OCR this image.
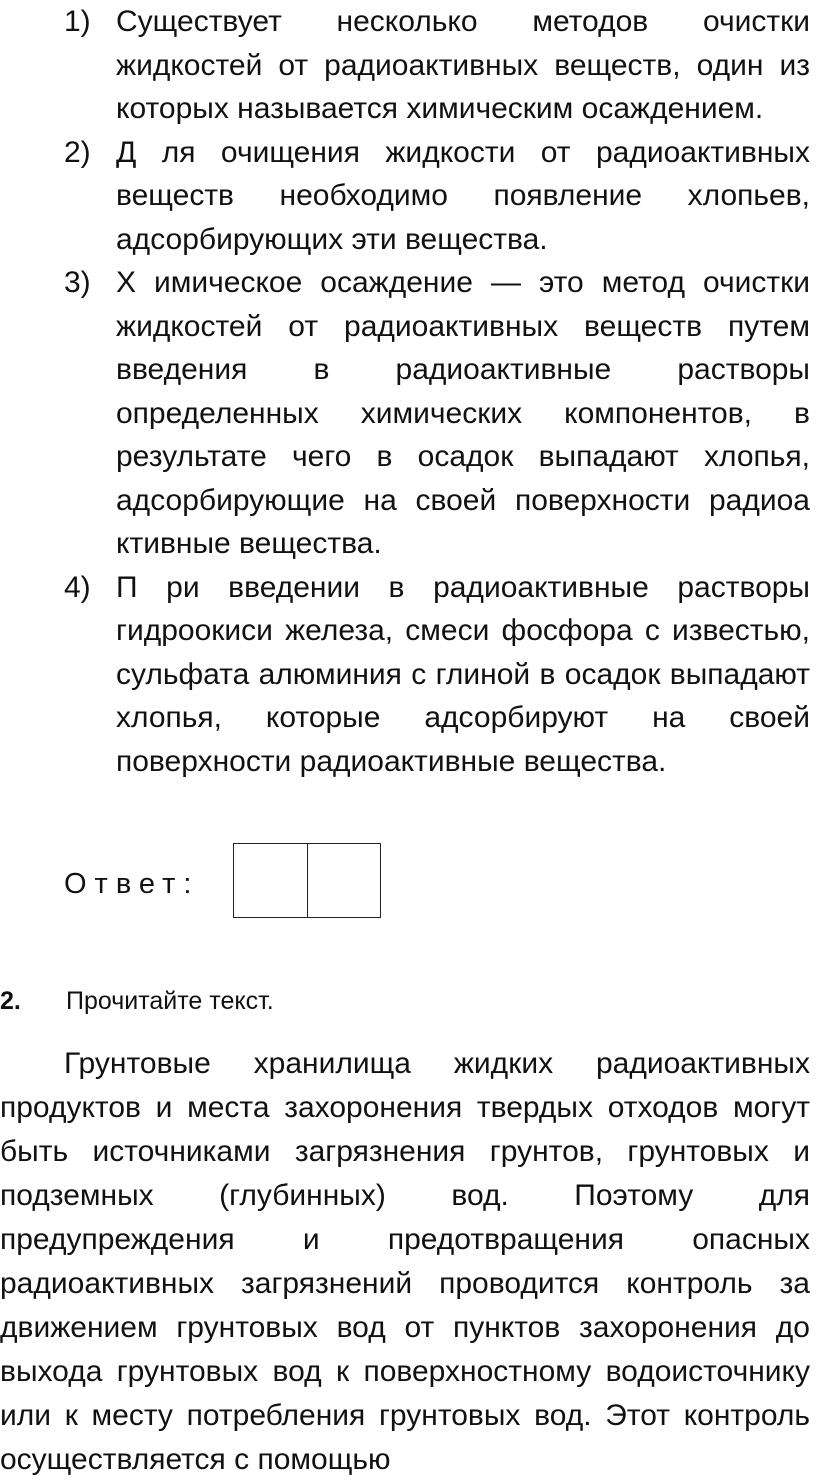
1) Существует несколько методов очистки жидкостей от радиоактивных веществ, один из которых называется химическим осаждением.
2) Д ля очищения жидкости от радиоактивных веществ необходимо появление хлопьев, адсорбирующих эти вещества.
3) Х имическое осаждение — это метод очистки жидкостей от радиоактивных веществ путем введения в радиоактивные растворы определенных химических компонентов, в результате чего в осадок выпадают хлопья, адсорбирующие на своей поверхности радиоа ктивные вещества.
4) П ри введении в радиоактивные растворы гидроокиси железа, смеси фосфора с известью, сульфата алюминия с глиной в осадок выпадают хлопья, которые адсорбируют на своей поверхности радиоактивные вещества.
Ответ:
2. Прочитайте текст.

Грунтовые хранилища жидких радиоактивных продуктов и места захоронения твердых отходов могут быть источниками загрязнения грунтов, грунтовых и подземных (глубинных) вод. Поэтому для предупреждения и предотвращения опасных радиоактивных загрязнений проводится контроль за движением грунтовых вод от пунктов захоронения до выхода грунтовых вод к поверхностному водоисточнику или к месту потребления грунтовых вод. Этот контроль осуществляется с помощью
